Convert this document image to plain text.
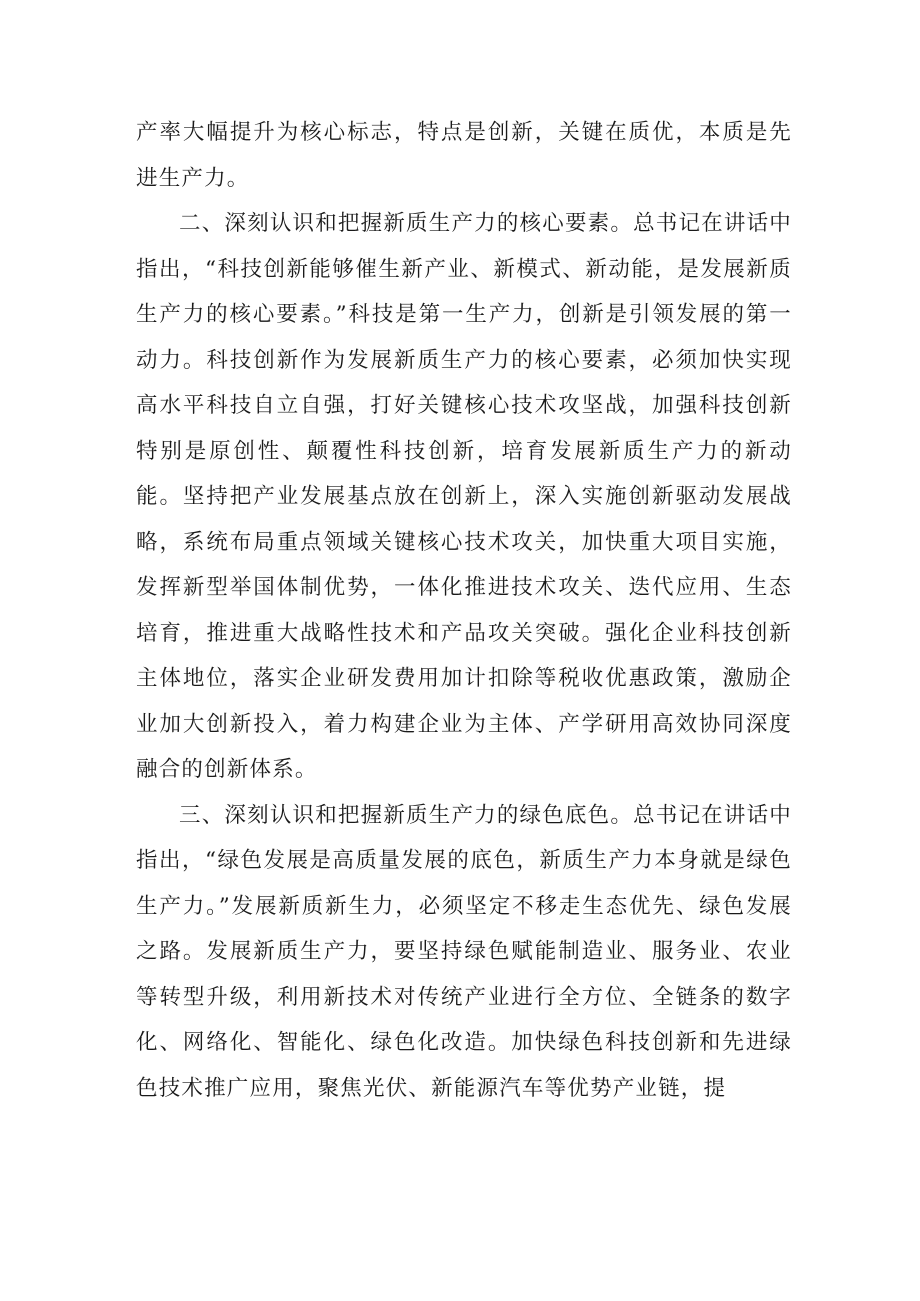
产率大幅提升为核心标志，特点是创新，关键在质优，本质是先进生产力。

二、深刻认识和把握新质生产力的核心要素。总书记在讲话中指出，“科技创新能够催生新产业、新模式、新动能，是发展新质生产力的核心要素。”科技是第一生产力，创新是引领发展的第一动力。科技创新作为发展新质生产力的核心要素，必须加快实现高水平科技自立自强，打好关键核心技术攻坚战，加强科技创新特别是原创性、颠覆性科技创新，培育发展新质生产力的新动能。坚持把产业发展基点放在创新上，深入实施创新驱动发展战略，系统布局重点领域关键核心技术攻关，加快重大项目实施，发挥新型举国体制优势，一体化推进技术攻关、迭代应用、生态培育，推进重大战略性技术和产品攻关突破。强化企业科技创新主体地位，落实企业研发费用加计扣除等税收优惠政策，激励企业加大创新投入，着力构建企业为主体、产学研用高效协同深度融合的创新体系。

三、深刻认识和把握新质生产力的绿色底色。总书记在讲话中指出，“绿色发展是高质量发展的底色，新质生产力本身就是绿色生产力。”发展新质新生力，必须坚定不移走生态优先、绿色发展之路。发展新质生产力，要坚持绿色赋能制造业、服务业、农业等转型升级，利用新技术对传统产业进行全方位、全链条的数字化、网络化、智能化、绿色化改造。加快绿色科技创新和先进绿色技术推广应用，聚焦光伏、新能源汽车等优势产业链，提
